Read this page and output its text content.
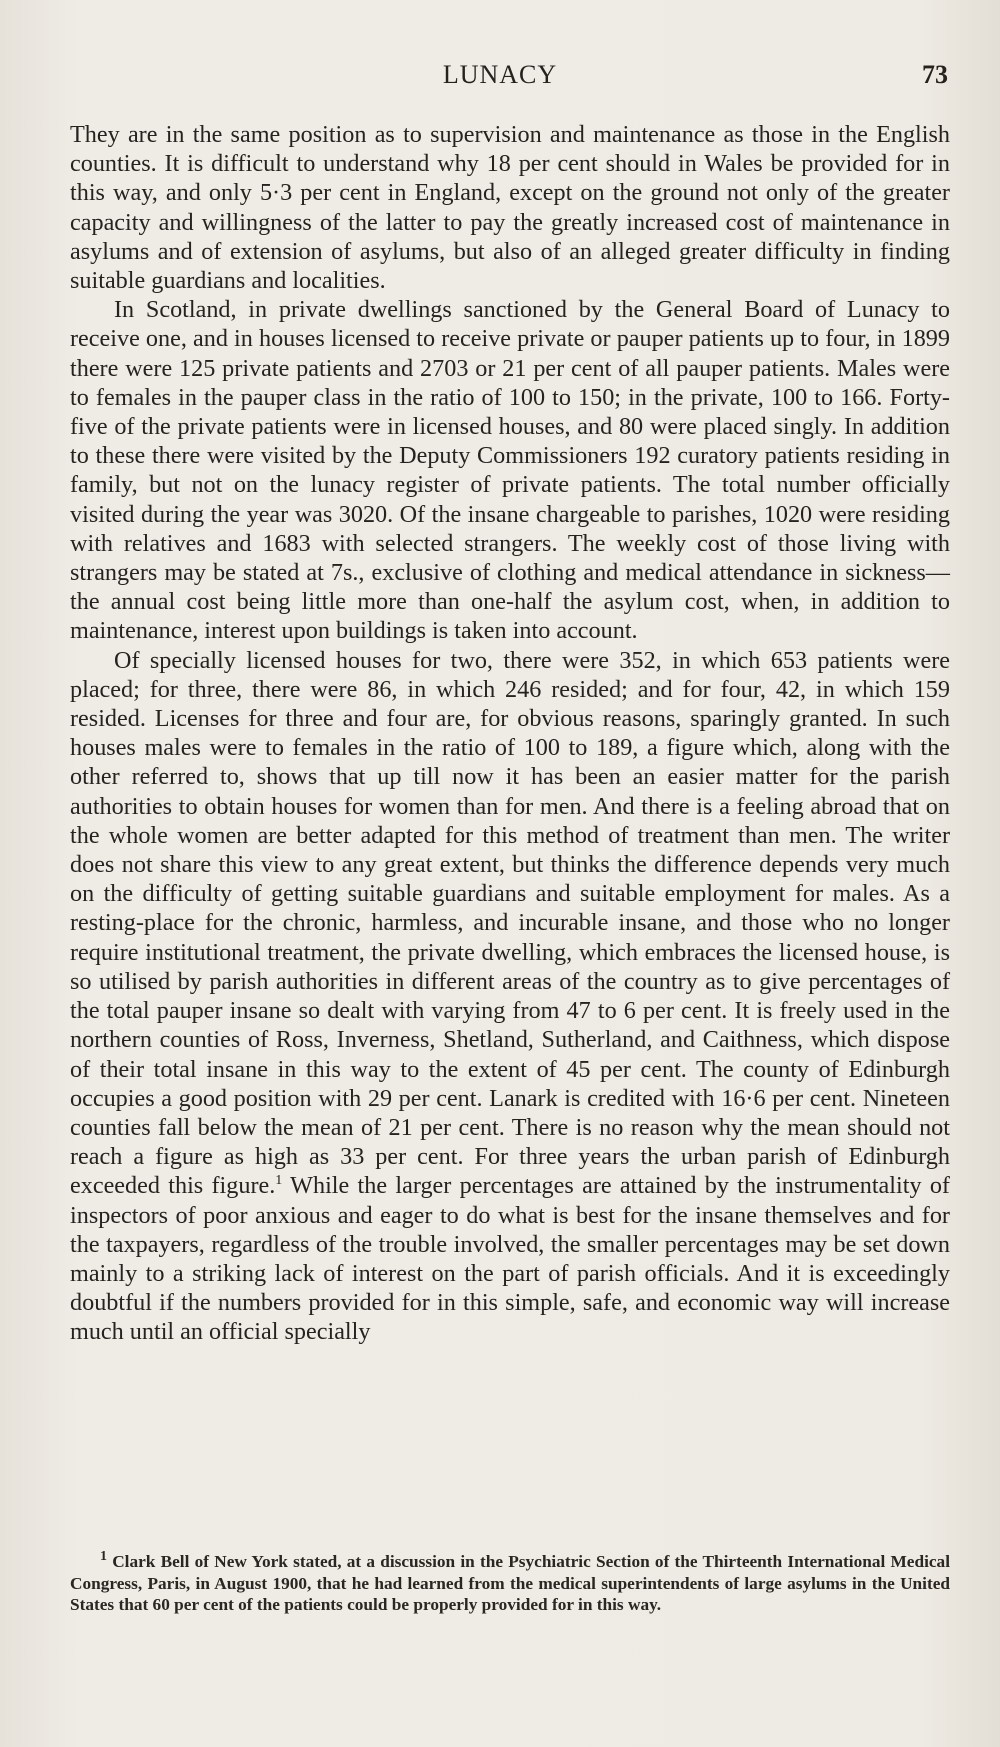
LUNACY	73

They are in the same position as to supervision and maintenance as those in the English counties. It is difficult to understand why 18 per cent should in Wales be provided for in this way, and only 5·3 per cent in England, except on the ground not only of the greater capacity and willingness of the latter to pay the greatly increased cost of maintenance in asylums and of extension of asylums, but also of an alleged greater difficulty in finding suitable guardians and localities.

In Scotland, in private dwellings sanctioned by the General Board of Lunacy to receive one, and in houses licensed to receive private or pauper patients up to four, in 1899 there were 125 private patients and 2703 or 21 per cent of all pauper patients. Males were to females in the pauper class in the ratio of 100 to 150; in the private, 100 to 166. Forty-five of the private patients were in licensed houses, and 80 were placed singly. In addition to these there were visited by the Deputy Commissioners 192 curatory patients residing in family, but not on the lunacy register of private patients. The total number officially visited during the year was 3020. Of the insane chargeable to parishes, 1020 were residing with relatives and 1683 with selected strangers. The weekly cost of those living with strangers may be stated at 7s., exclusive of clothing and medical attendance in sickness—the annual cost being little more than one-half the asylum cost, when, in addition to maintenance, interest upon buildings is taken into account.

Of specially licensed houses for two, there were 352, in which 653 patients were placed; for three, there were 86, in which 246 resided; and for four, 42, in which 159 resided. Licenses for three and four are, for obvious reasons, sparingly granted. In such houses males were to females in the ratio of 100 to 189, a figure which, along with the other referred to, shows that up till now it has been an easier matter for the parish authorities to obtain houses for women than for men. And there is a feeling abroad that on the whole women are better adapted for this method of treatment than men. The writer does not share this view to any great extent, but thinks the difference depends very much on the difficulty of getting suitable guardians and suitable employment for males. As a resting-place for the chronic, harmless, and incurable insane, and those who no longer require institutional treatment, the private dwelling, which embraces the licensed house, is so utilised by parish authorities in different areas of the country as to give percentages of the total pauper insane so dealt with varying from 47 to 6 per cent. It is freely used in the northern counties of Ross, Inverness, Shetland, Sutherland, and Caithness, which dispose of their total insane in this way to the extent of 45 per cent. The county of Edinburgh occupies a good position with 29 per cent. Lanark is credited with 16·6 per cent. Nineteen counties fall below the mean of 21 per cent. There is no reason why the mean should not reach a figure as high as 33 per cent. For three years the urban parish of Edinburgh exceeded this figure.$^1$ While the larger percentages are attained by the instrumentality of inspectors of poor anxious and eager to do what is best for the insane themselves and for the taxpayers, regardless of the trouble involved, the smaller percentages may be set down mainly to a striking lack of interest on the part of parish officials. And it is exceedingly doubtful if the numbers provided for in this simple, safe, and economic way will increase much until an official specially

$^1$ Clark Bell of New York stated, at a discussion in the Psychiatric Section of the Thirteenth International Medical Congress, Paris, in August 1900, that he had learned from the medical superintendents of large asylums in the United States that 60 per cent of the patients could be properly provided for in this way.
